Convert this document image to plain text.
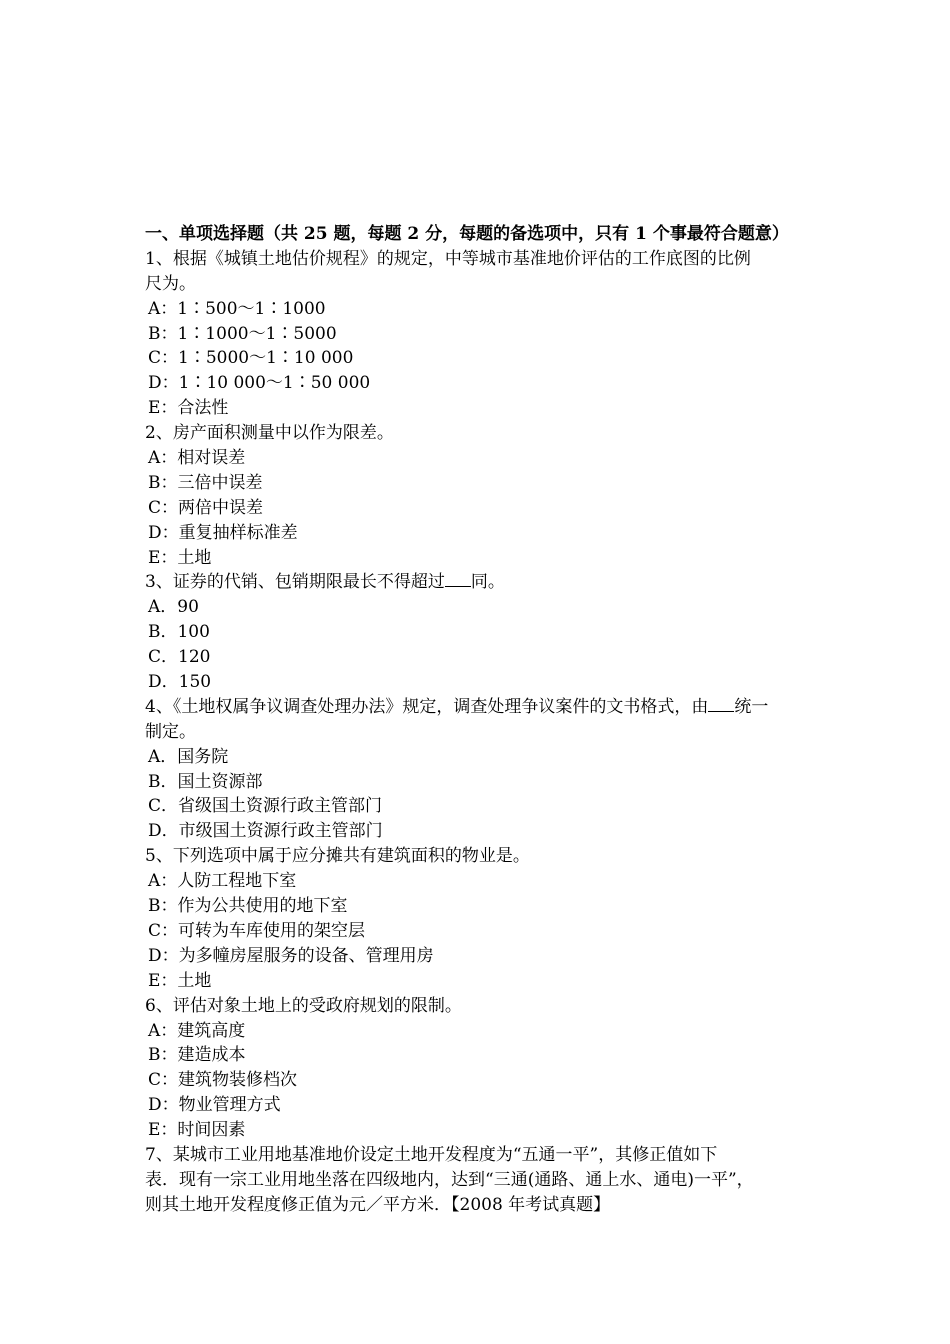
一、单项选择题（共 25 题，每题 2 分，每题的备选项中，只有 1 个事最符合题意）
1、根据《城镇土地估价规程》的规定，中等城市基准地价评估的工作底图的比例
尺为。
A：1∶500～1∶1000
B：1∶1000～1∶5000
C：1∶5000～1∶10 000
D：1∶10 000～1∶50 000
E：合法性
2、房产面积测量中以作为限差。
A：相对误差
B：三倍中误差
C：两倍中误差
D：重复抽样标准差
E：土地
3、证券的代销、包销期限最长不得超过 同。
A．90
B．100
C．120
D．150
4、《土地权属争议调查处理办法》规定，调查处理争议案件的文书格式，由 统一
制定。
A．国务院
B．国土资源部
C．省级国土资源行政主管部门
D．市级国土资源行政主管部门
5、下列选项中属于应分摊共有建筑面积的物业是。
A：人防工程地下室
B：作为公共使用的地下室
C：可转为车库使用的架空层
D：为多幢房屋服务的设备、管理用房
E：土地
6、评估对象土地上的受政府规划的限制。
A：建筑高度
B：建造成本
C：建筑物装修档次
D：物业管理方式
E：时间因素
7、某城市工业用地基准地价设定土地开发程度为“五通一平”，其修正值如下
表．现有一宗工业用地坐落在四级地内，达到“三通(通路、通上水、通电)一平”，
则其土地开发程度修正值为元／平方米．【2008 年考试真题】
